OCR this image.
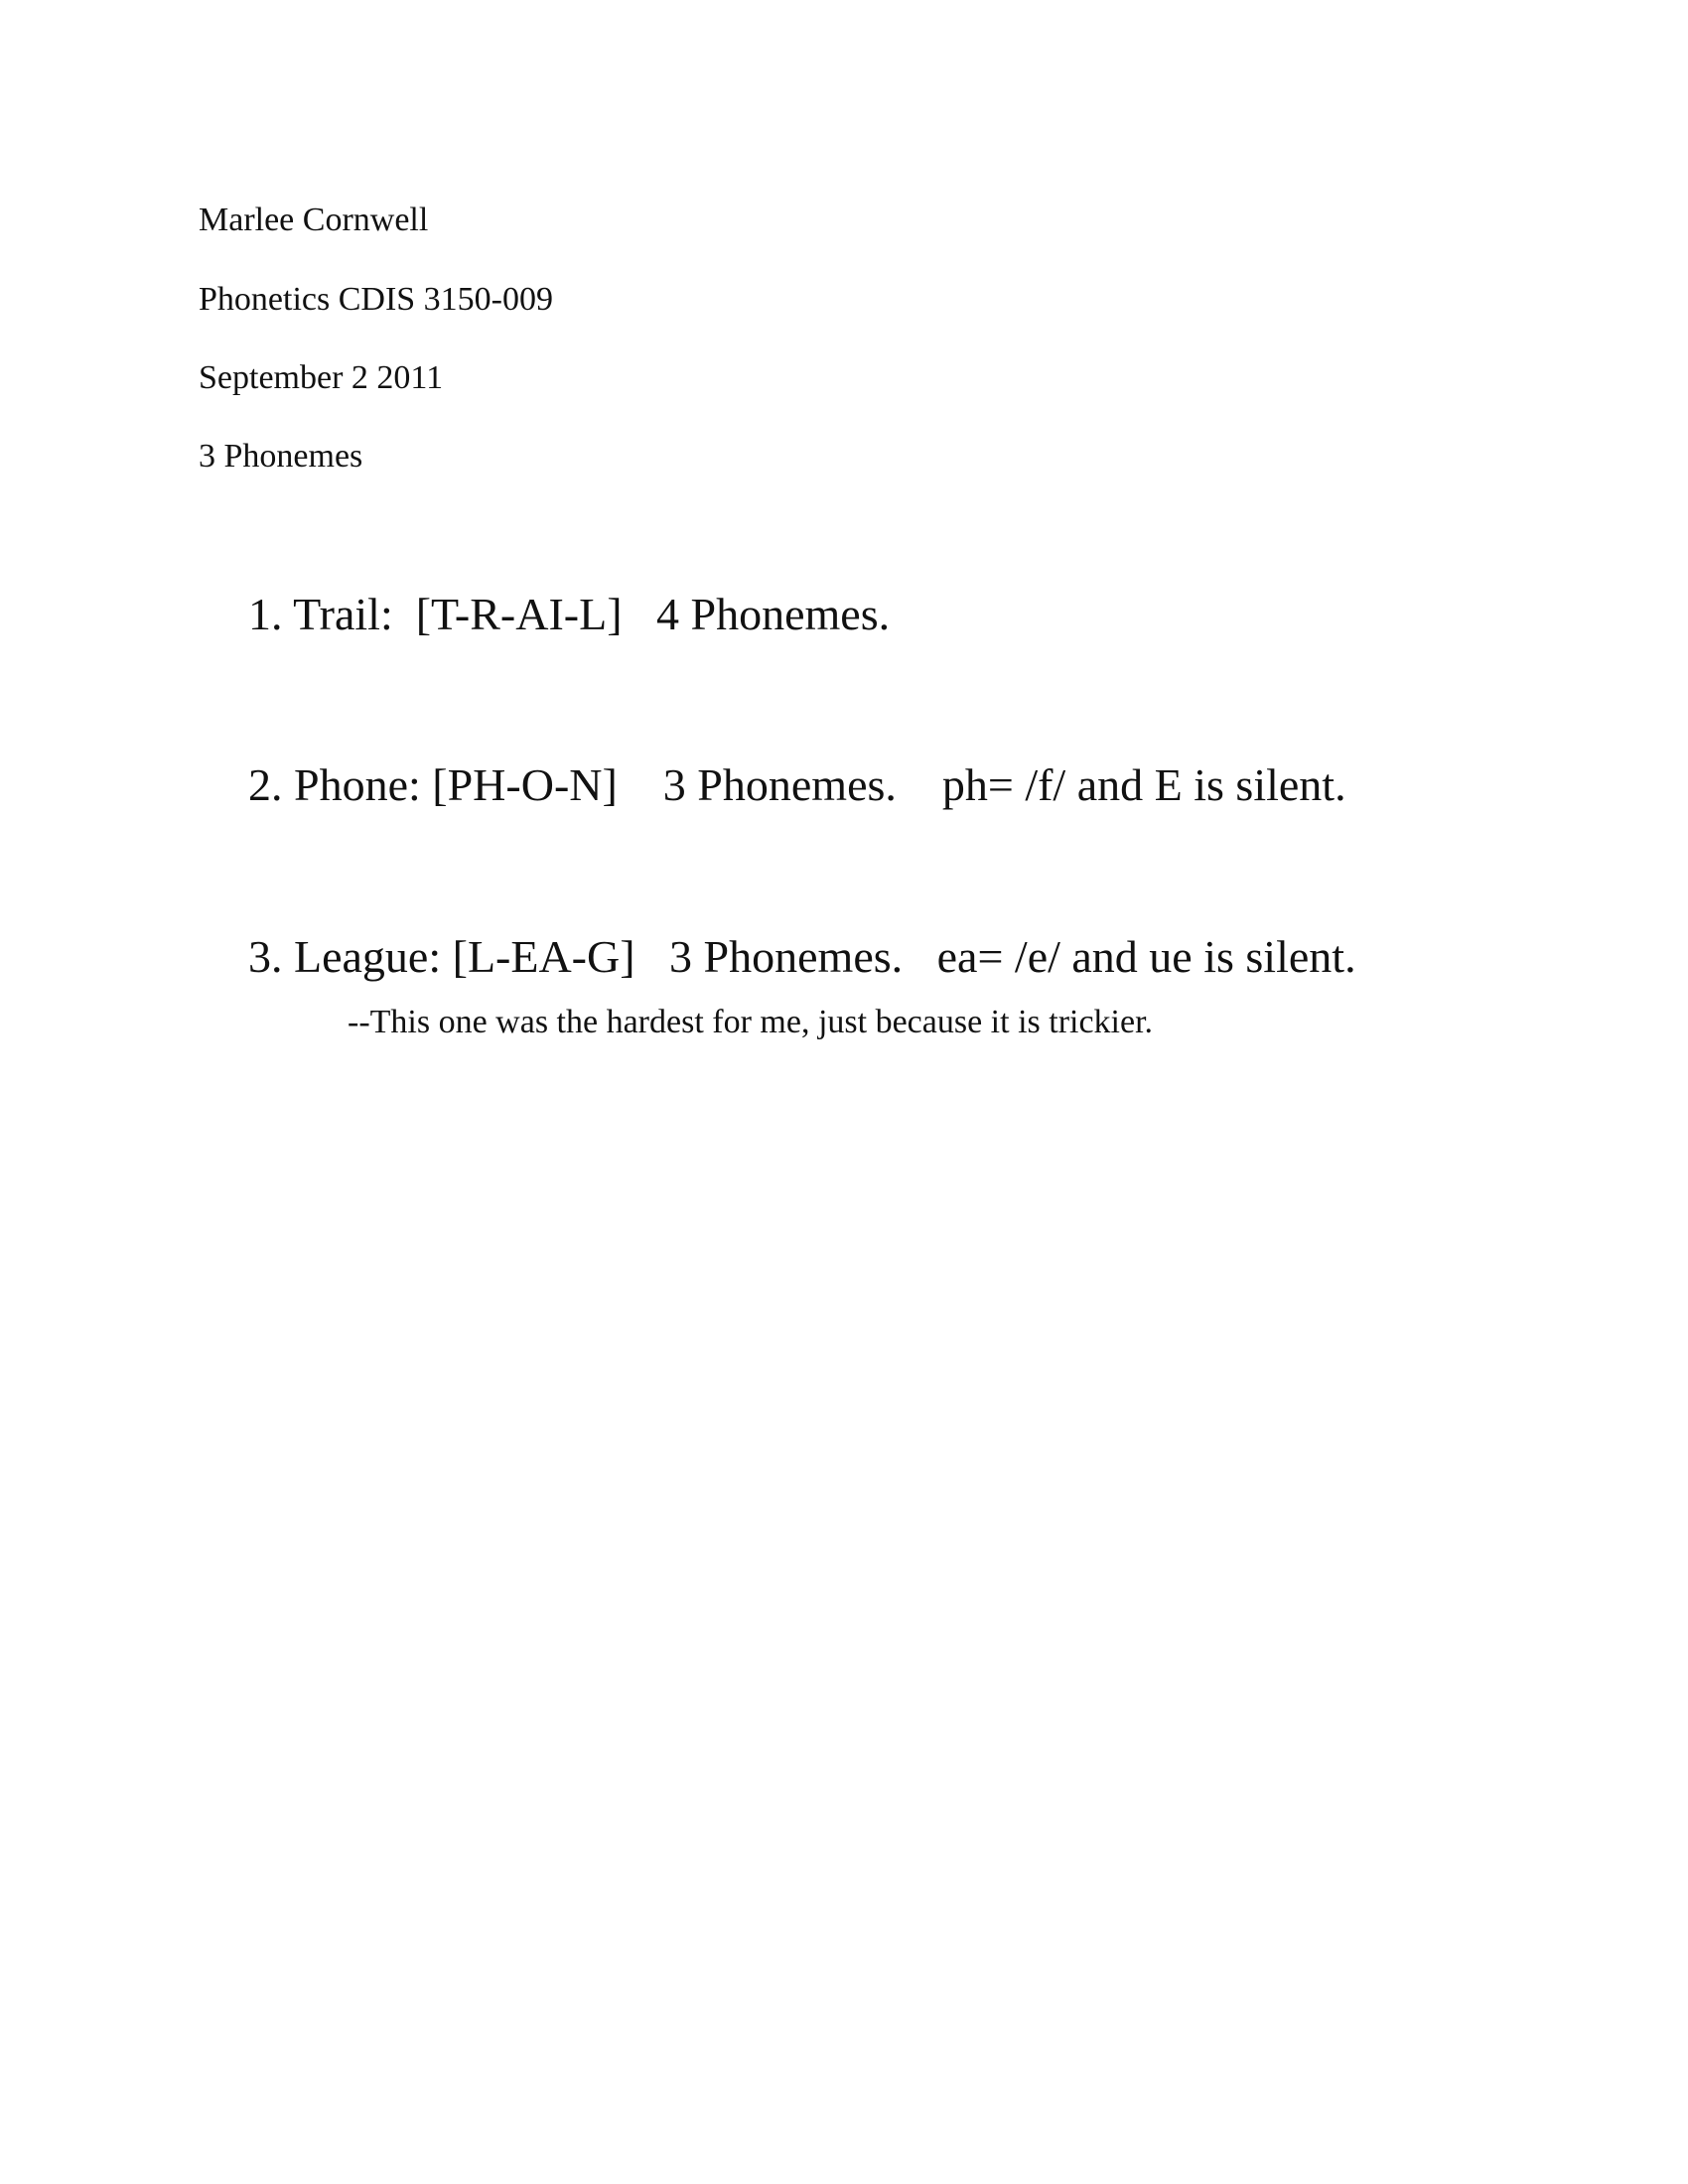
Marlee Cornwell
Phonetics CDIS 3150-009
September 2 2011
3 Phonemes
1. Trail:  [T-R-AI-L]   4 Phonemes.
2. Phone: [PH-O-N]    3 Phonemes.    ph= /f/ and E is silent.
3. League: [L-EA-G]   3 Phonemes.   ea= /e/ and ue is silent.
--This one was the hardest for me, just because it is trickier.
